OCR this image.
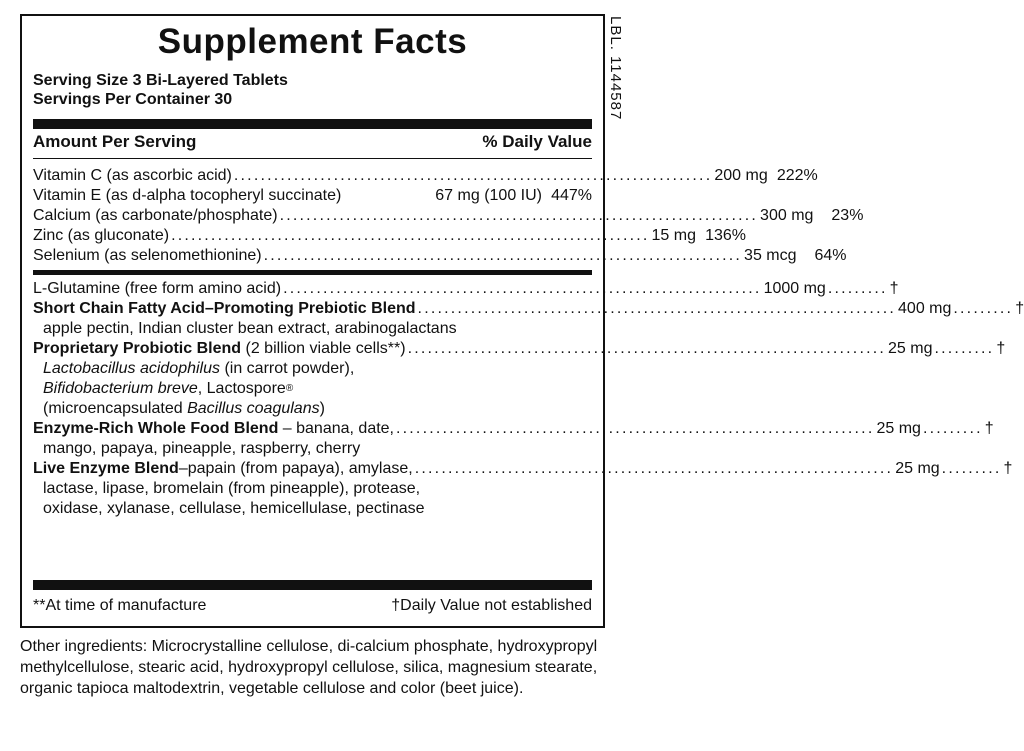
LBL. 1144587
Supplement Facts
Serving Size 3 Bi-Layered Tablets
Servings Per Container 30
Amount Per Serving	% Daily Value
Vitamin C (as ascorbic acid) ........................................................................ 200 mg 222%
Vitamin E (as d-alpha tocopheryl succinate)	67 mg (100 IU) 447%
Calcium (as carbonate/phosphate) ........................................................................ 300 mg	23%
Zinc (as gluconate) ........................................................................ 15 mg 136%
Selenium (as selenomethionine) ........................................................................ 35 mcg	64%
L-Glutamine (free form amino acid) ........................................................................ 1000 mg ......... †
Short Chain Fatty Acid–Promoting Prebiotic Blend ........................................................................ 400 mg ......... †
apple pectin, Indian cluster bean extract, arabinogalactans
Proprietary Probiotic Blend (2 billion viable cells**) ........................................................................ 25 mg ......... †
Lactobacillus acidophilus (in carrot powder),
Bifidobacterium breve, Lactospore®
(microencapsulated Bacillus coagulans)
Enzyme-Rich Whole Food Blend – banana, date, ........................................................................ 25 mg ......... †
mango, papaya, pineapple, raspberry, cherry
Live Enzyme Blend–papain (from papaya), amylase, ........................................................................ 25 mg ......... †
lactase, lipase, bromelain (from pineapple), protease,
oxidase, xylanase, cellulase, hemicellulase, pectinase
**At time of manufacture	†Daily Value not established
Other ingredients: Microcrystalline cellulose, di-calcium phosphate, hydroxypropyl methylcellulose, stearic acid, hydroxypropyl cellulose, silica, magnesium stearate, organic tapioca maltodextrin, vegetable cellulose and color (beet juice).
